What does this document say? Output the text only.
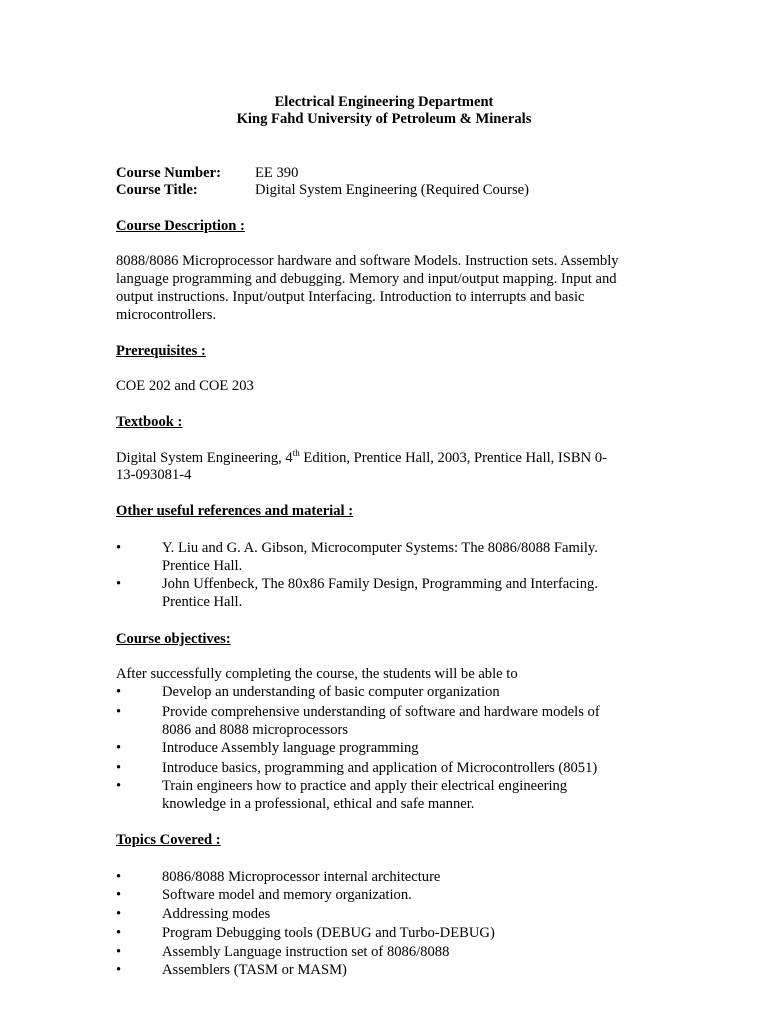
Electrical Engineering Department
King Fahd University of Petroleum & Minerals
Course Number:	EE 390
Course Title:	Digital System Engineering (Required Course)
Course Description :
8088/8086 Microprocessor hardware and software Models. Instruction sets. Assembly
language programming and debugging. Memory and input/output mapping. Input and
output instructions. Input/output Interfacing. Introduction to interrupts and basic
microcontrollers.
Prerequisites :
COE 202 and COE 203
Textbook :
Digital System Engineering, 4th Edition, Prentice Hall, 2003, Prentice Hall, ISBN 0-
13-093081-4
Other useful references and material :
•	Y. Liu and G. A. Gibson, Microcomputer Systems: The 8086/8088 Family.
Prentice Hall.
•	John Uffenbeck, The 80x86 Family Design, Programming and Interfacing.
Prentice Hall.
Course objectives:
After successfully completing the course, the students will be able to
•	Develop an understanding of basic computer organization
•	Provide comprehensive understanding of software and hardware models of
8086 and 8088 microprocessors
•	Introduce Assembly language programming
•	Introduce basics, programming and application of Microcontrollers (8051)
•	Train engineers how to practice and apply their electrical engineering
knowledge in a professional, ethical and safe manner.
Topics Covered :
•	8086/8088 Microprocessor internal architecture
•	Software model and memory organization.
•	Addressing modes
•	Program Debugging tools (DEBUG and Turbo-DEBUG)
•	Assembly Language instruction set of 8086/8088
•	Assemblers (TASM or MASM)
